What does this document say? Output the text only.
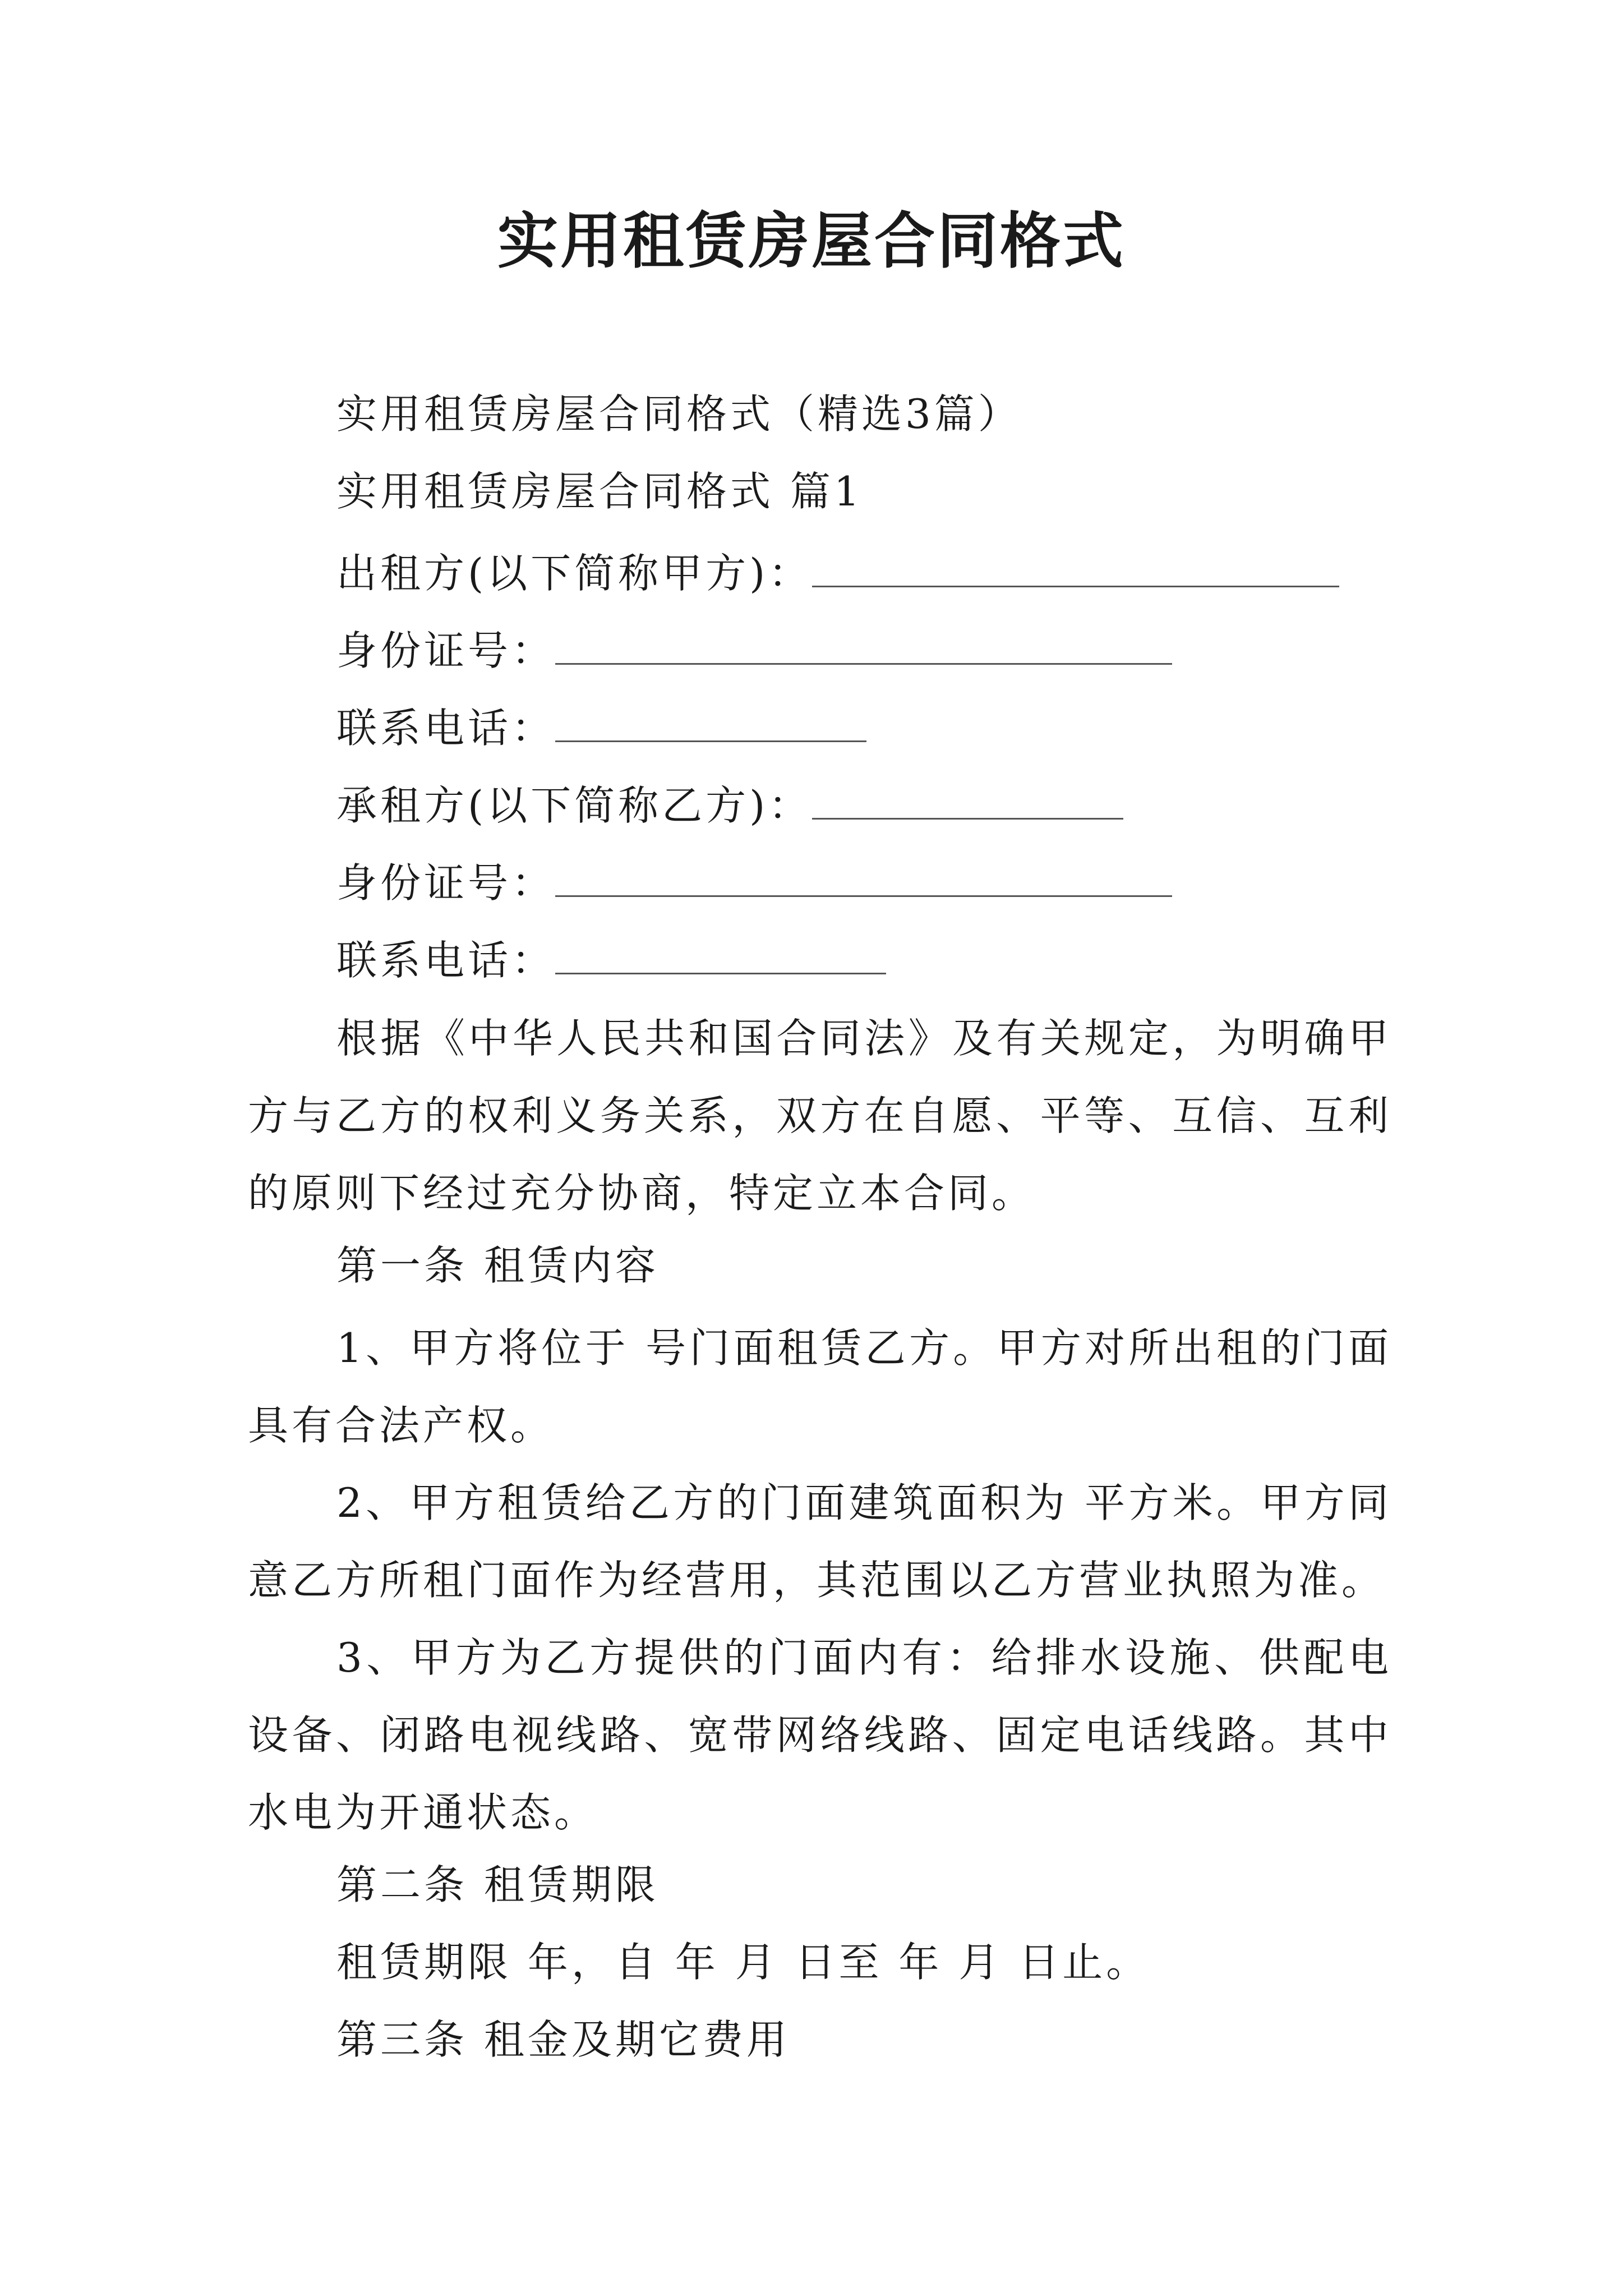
实用租赁房屋合同格式
实用租赁房屋合同格式（精选3篇）
实用租赁房屋合同格式 篇1
出租方(以下简称甲方)：
身份证号：
联系电话：
承租方(以下简称乙方)：
身份证号：
联系电话：
根据《中华人民共和国合同法》及有关规定，为明确甲方与乙方的权利义务关系，双方在自愿、平等、互信、互利的原则下经过充分协商，特定立本合同。
第一条 租赁内容
1、甲方将位于 号门面租赁乙方。甲方对所出租的门面具有合法产权。
2、甲方租赁给乙方的门面建筑面积为 平方米。甲方同意乙方所租门面作为经营用，其范围以乙方营业执照为准。
3、甲方为乙方提供的门面内有：给排水设施、供配电设备、闭路电视线路、宽带网络线路、固定电话线路。其中水电为开通状态。
第二条 租赁期限
租赁期限 年，自 年 月 日至 年 月 日止。
第三条 租金及期它费用
